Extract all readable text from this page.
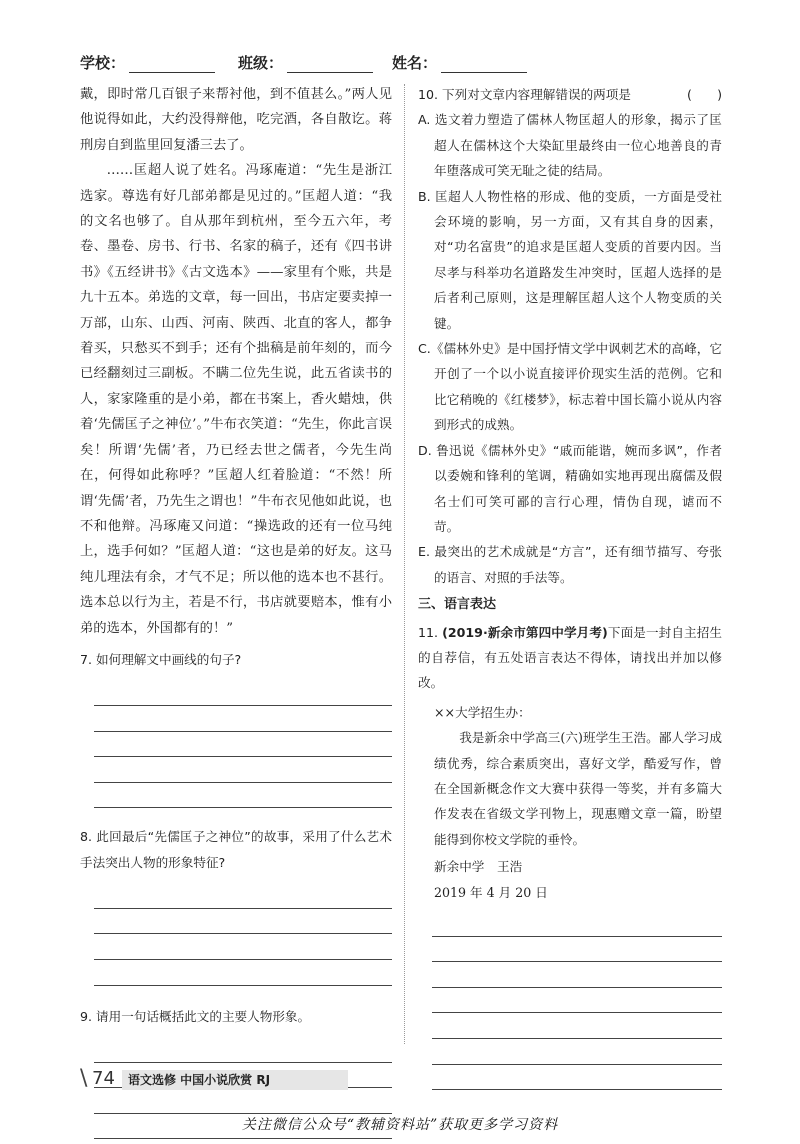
学校：	班级：	姓名：

戴，即时常几百银子来帮衬他，到不值甚么。”两人见他说得如此，大约没得辩他，吃完酒，各自散讫。蒋刑房自到监里回复潘三去了。

……匡超人说了姓名。冯琢庵道：“先生是浙江选家。尊选有好几部弟都是见过的。”匡超人道：“我的文名也够了。自从那年到杭州，至今五六年，考卷、墨卷、房书、行书、名家的稿子，还有《四书讲书》《五经讲书》《古文选本》——家里有个账，共是九十五本。弟选的文章，每一回出，书店定要卖掉一万部，山东、山西、河南、陕西、北直的客人，都争着买，只愁买不到手；还有个拙稿是前年刻的，而今已经翻刻过三副板。不瞒二位先生说，此五省读书的人，家家隆重的是小弟，都在书案上，香火蜡烛，供着‘先儒匡子之神位’。”牛布衣笑道：“先生，你此言误矣！所谓‘先儒’者，乃已经去世之儒者，今先生尚在，何得如此称呼？”匡超人红着脸道：“不然！所谓‘先儒’者，乃先生之谓也！”牛布衣见他如此说，也不和他辩。冯琢庵又问道：“操选政的还有一位马纯上，选手何如？”匡超人道：“这也是弟的好友。这马纯儿理法有余，才气不足；所以他的选本也不甚行。选本总以行为主，若是不行，书店就要赔本，惟有小弟的选本，外国都有的！”

7. 如何理解文中画线的句子?

8. 此回最后“先儒匡子之神位”的故事，采用了什么艺术手法突出人物的形象特征?

9. 请用一句话概括此文的主要人物形象。

10. 下列对文章内容理解错误的两项是	(　　)

A. 选文着力塑造了儒林人物匡超人的形象，揭示了匡超人在儒林这个大染缸里最终由一位心地善良的青年堕落成可笑无耻之徒的结局。

B. 匡超人人物性格的形成、他的变质，一方面是受社会环境的影响，另一方面，又有其自身的因素，对“功名富贵”的追求是匡超人变质的首要内因。当尽孝与科举功名道路发生冲突时，匡超人选择的是后者利己原则，这是理解匡超人这个人物变质的关键。

C.《儒林外史》是中国抒情文学中讽刺艺术的高峰，它开创了一个以小说直接评价现实生活的范例。它和比它稍晚的《红楼梦》，标志着中国长篇小说从内容到形式的成熟。

D. 鲁迅说《儒林外史》“戚而能谐，婉而多讽”，作者以委婉和锋利的笔调，精确如实地再现出腐儒及假名士们可笑可鄙的言行心理，情伪自现，谑而不苛。

E. 最突出的艺术成就是“方言”，还有细节描写、夸张的语言、对照的手法等。

三、语言表达

11. (2019·新余市第四中学月考)下面是一封自主招生的自荐信，有五处语言表达不得体，请找出并加以修改。

××大学招生办：

我是新余中学高三(六)班学生王浩。鄙人学习成绩优秀，综合素质突出，喜好文学，酷爱写作，曾在全国新概念作文大赛中获得一等奖，并有多篇大作发表在省级文学刊物上，现惠赠文章一篇，盼望能得到你校文学院的垂怜。

新余中学　王浩

2019 年 4 月 20 日

\ 74	语文选修 中国小说欣赏 RJ
关注微信公众号“教辅资料站”获取更多学习资料
